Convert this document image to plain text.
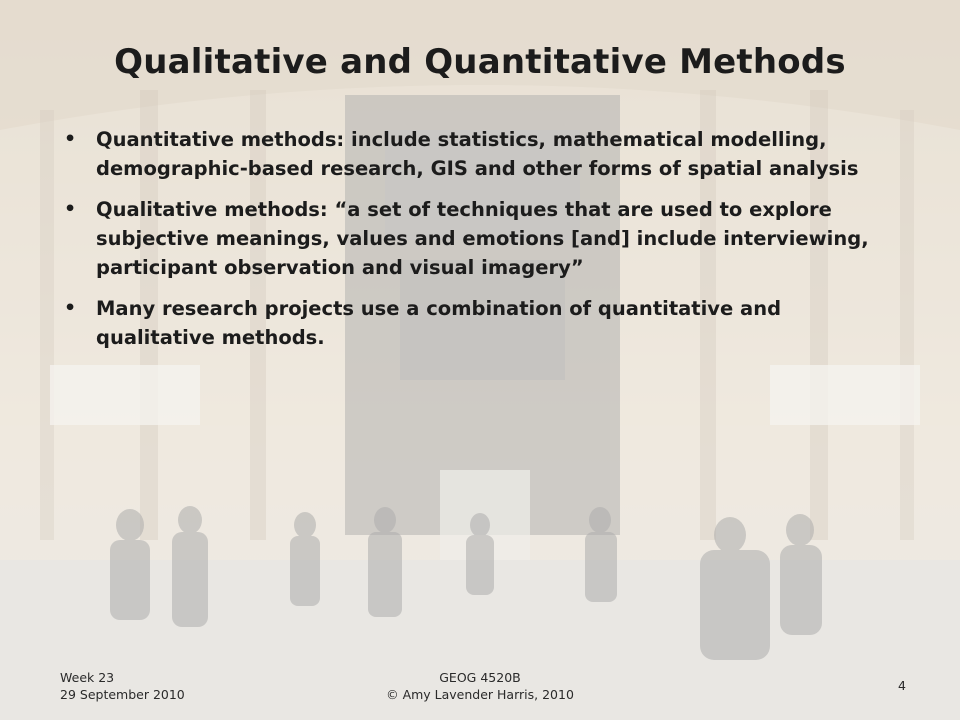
Qualitative and Quantitative Methods
• Quantitative methods: include statistics, mathematical modelling, demographic-based research, GIS and other forms of spatial analysis
• Qualitative methods: “a set of techniques that are used to explore subjective meanings, values and emotions [and] include interviewing, participant observation and visual imagery”
• Many research projects use a combination of quantitative and qualitative methods.
Week 23
29 September 2010
GEOG 4520B
© Amy Lavender Harris, 2010
4
